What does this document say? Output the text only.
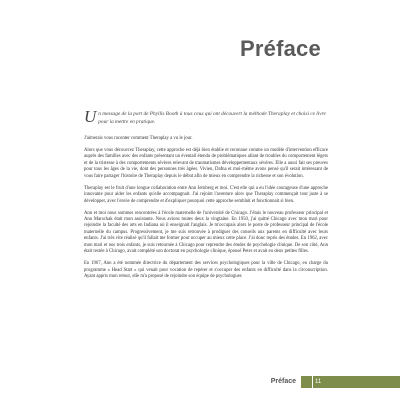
Préface

Un message de la part de Phyllis Booth à tous ceux qui ont découvert la méthode Theraplay et choisi ce livre pour la mettre en pratique.

J'aimerais vous raconter comment Theraplay a vu le jour.

Alors que vous découvrez Theraplay, cette approche est déjà bien établie et reconnue comme un modèle d'intervention efficace auprès des familles avec des enfants présentant un éventail étendu de problématiques allant de troubles du comportement légers et de la tristesse à des comportements sévères relevant de traumatismes développementaux sévères. Elle a aussi fait ses preuves pour tous les âges de la vie, dont des personnes très âgées. Vivien, Dafna et moi-même avons pensé qu'il serait intéressant de vous faire partager l'histoire de Theraplay depuis le début afin de mieux en comprendre la richesse et son évolution.

Theraplay est le fruit d'une longue collaboration entre Ann Jernberg et moi. C'est elle qui a eu l'idée courageuse d'une approche innovante pour aider les enfants qu'elle accompagnait. J'ai rejoint l'aventure alors que Theraplay commençait tout juste à se développer, avec l'envie de comprendre et d'expliquer pourquoi cette approche semblait et fonctionnait si bien.

Ann et moi nous sommes rencontrées à l'école maternelle de l'université de Chicago. J'étais le nouveau professeur principal et Ann Marschak était mon assistante. Nous avions toutes deux la vingtaine. En 1950, j'ai quitté Chicago avec mon mari pour rejoindre la faculté des arts en Indiana où il enseignait l'anglais. Je m'occupais alors le poste de professeur principal de l'école maternelle du campus. Progressivement, je me suis retrouvée à prodiguer des conseils aux parents en difficulté avec leurs enfants. J'ai très vite réalisé qu'il fallait me former pour occuper au mieux cette place. J'ai donc repris des études. En 1962, avec mon mari et nos trois enfants, je suis retournée à Chicago pour reprendre des études de psychologie clinique. De son côté, Ann était restée à Chicago, avait complété son doctorat en psychologie clinique, épousé Peter et avait eu deux petites filles.

En 1967, Ann a été nommée directrice du département des services psychologiques pour la ville de Chicago, en charge du programme « Head Start » qui venait pour vocation de repérer et s'occuper des enfants en difficulté dans la circonscription. Ayant appris mon retour, elle m'a proposé de rejoindre son équipe de psychologues

Préface	11
